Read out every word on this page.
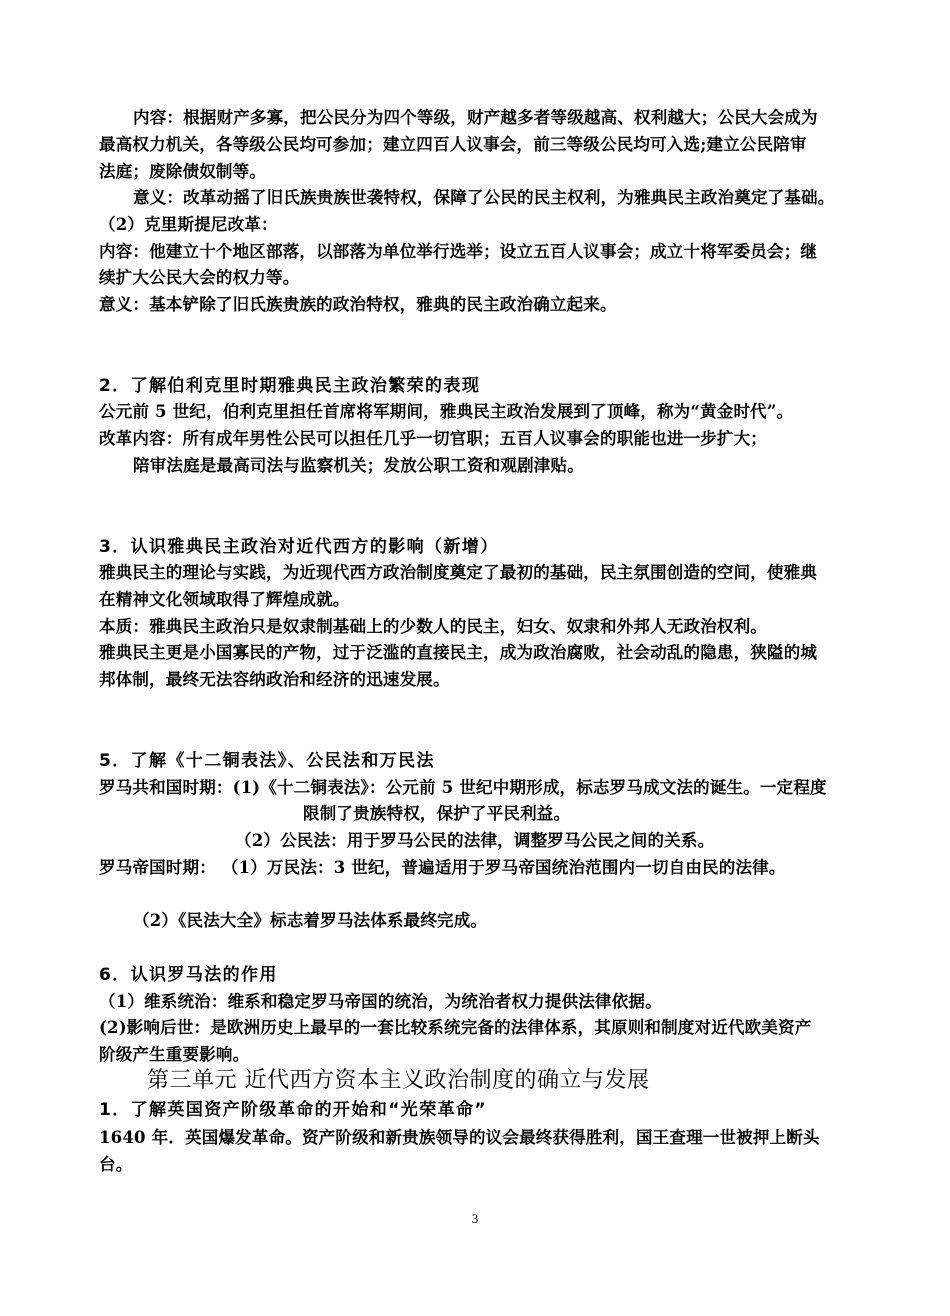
内容：根据财产多寡，把公民分为四个等级，财产越多者等级越高、权利越大；公民大会成为
最高权力机关，各等级公民均可参加；建立四百人议事会，前三等级公民均可入选;建立公民陪审
法庭；废除债奴制等。
意义：改革动摇了旧氏族贵族世袭特权，保障了公民的民主权利，为雅典民主政治奠定了基础。
（2）克里斯提尼改革：
内容：他建立十个地区部落，以部落为单位举行选举；设立五百人议事会；成立十将军委员会；继
续扩大公民大会的权力等。
意义：基本铲除了旧氏族贵族的政治特权，雅典的民主政治确立起来。
2．了解伯利克里时期雅典民主政治繁荣的表现
公元前 5 世纪，伯利克里担任首席将军期间，雅典民主政治发展到了顶峰，称为“黄金时代”。
改革内容：所有成年男性公民可以担任几乎一切官职；五百人议事会的职能也进一步扩大；
陪审法庭是最高司法与监察机关；发放公职工资和观剧津贴。
3．认识雅典民主政治对近代西方的影响（新增）
雅典民主的理论与实践，为近现代西方政治制度奠定了最初的基础，民主氛围创造的空间，使雅典
在精神文化领域取得了辉煌成就。
本质：雅典民主政治只是奴隶制基础上的少数人的民主，妇女、奴隶和外邦人无政治权利。
雅典民主更是小国寡民的产物，过于泛滥的直接民主，成为政治腐败，社会动乱的隐患，狭隘的城
邦体制，最终无法容纳政治和经济的迅速发展。
5．了解《十二铜表法》、公民法和万民法
罗马共和国时期：(1)《十二铜表法》：公元前 5 世纪中期形成，标志罗马成文法的诞生。一定程度
限制了贵族特权，保护了平民利益。
（2）公民法：用于罗马公民的法律，调整罗马公民之间的关系。
罗马帝国时期： （1）万民法：3 世纪，普遍适用于罗马帝国统治范围内一切自由民的法律。
（2）《民法大全》标志着罗马法体系最终完成。
6．认识罗马法的作用
（1）维系统治：维系和稳定罗马帝国的统治，为统治者权力提供法律依据。
(2)影响后世：是欧洲历史上最早的一套比较系统完备的法律体系，其原则和制度对近代欧美资产
阶级产生重要影响。
第三单元 近代西方资本主义政治制度的确立与发展
1．了解英国资产阶级革命的开始和“光荣革命”
1640 年．英国爆发革命。资产阶级和新贵族领导的议会最终获得胜利，国王查理一世被押上断头
台。
3
